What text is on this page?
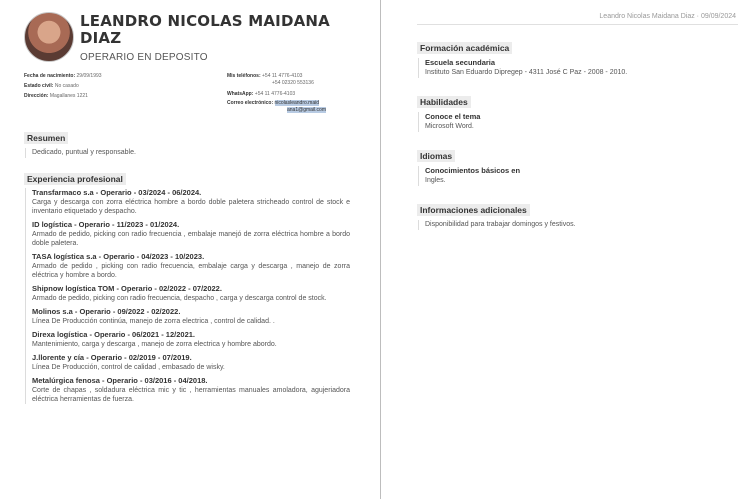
LEANDRO NICOLAS MAIDANA DIAZ
OPERARIO EN DEPOSITO
Fecha de nacimiento: 29/09/1993
Estado civil: No casado
Dirección: Magallanes 1221
Mis teléfonos: +54 11 4776-4103
+54 02320 553136
WhatsApp: +54 11 4776-4103
Correo electrónico: nicolasleandro.maid
ana1@gmail.com
Resumen
Dedicado, puntual y responsable.
Experiencia profesional
Transfarmaco s.a - Operario - 03/2024 - 06/2024.
Carga y descarga con zorra eléctrica hombre a bordo doble paletera stricheado control de stock e inventario etiquetado y despacho.
ID logística - Operario - 11/2023 - 01/2024.
Armado de pedido, picking con radio frecuencia , embalaje manejó de zorra eléctrica hombre a bordo doble paletera.
TASA logística s.a - Operario - 04/2023 - 10/2023.
Armado de pedido , picking con radio frecuencia, embalaje carga y descarga , manejo de zorra eléctrica y hombre a bordo.
Shipnow logística TOM - Operario - 02/2022 - 07/2022.
Armado de pedido, picking con radio frecuencia, despacho , carga y descarga control de stock.
Molinos s.a - Operario - 09/2022 - 02/2022.
Línea De Producción continúa, manejo de zorra electrica , control de calidad. .
Direxa logística - Operario - 06/2021 - 12/2021.
Mantenimiento, carga y descarga , manejo de zorra electrica y hombre abordo.
J.llorente y cía - Operario - 02/2019 - 07/2019.
Línea De Producción, control de calidad , embasado de wisky.
Metalúrgica fenosa - Operario - 03/2016 - 04/2018.
Corte de chapas , soldadura eléctrica mic y tic , herramientas manuales amoladora, agujeriadora eléctrica herramientas de fuerza.
Leandro Nicolas Maidana Diaz · 09/09/2024
Formación académica
Escuela secundaria
Instituto San Eduardo Dipregep - 4311 José C Paz - 2008 - 2010.
Habilidades
Conoce el tema
Microsoft Word.
Idiomas
Conocimientos básicos en
Ingles.
Informaciones adicionales
Disponibilidad para trabajar domingos y festivos.
